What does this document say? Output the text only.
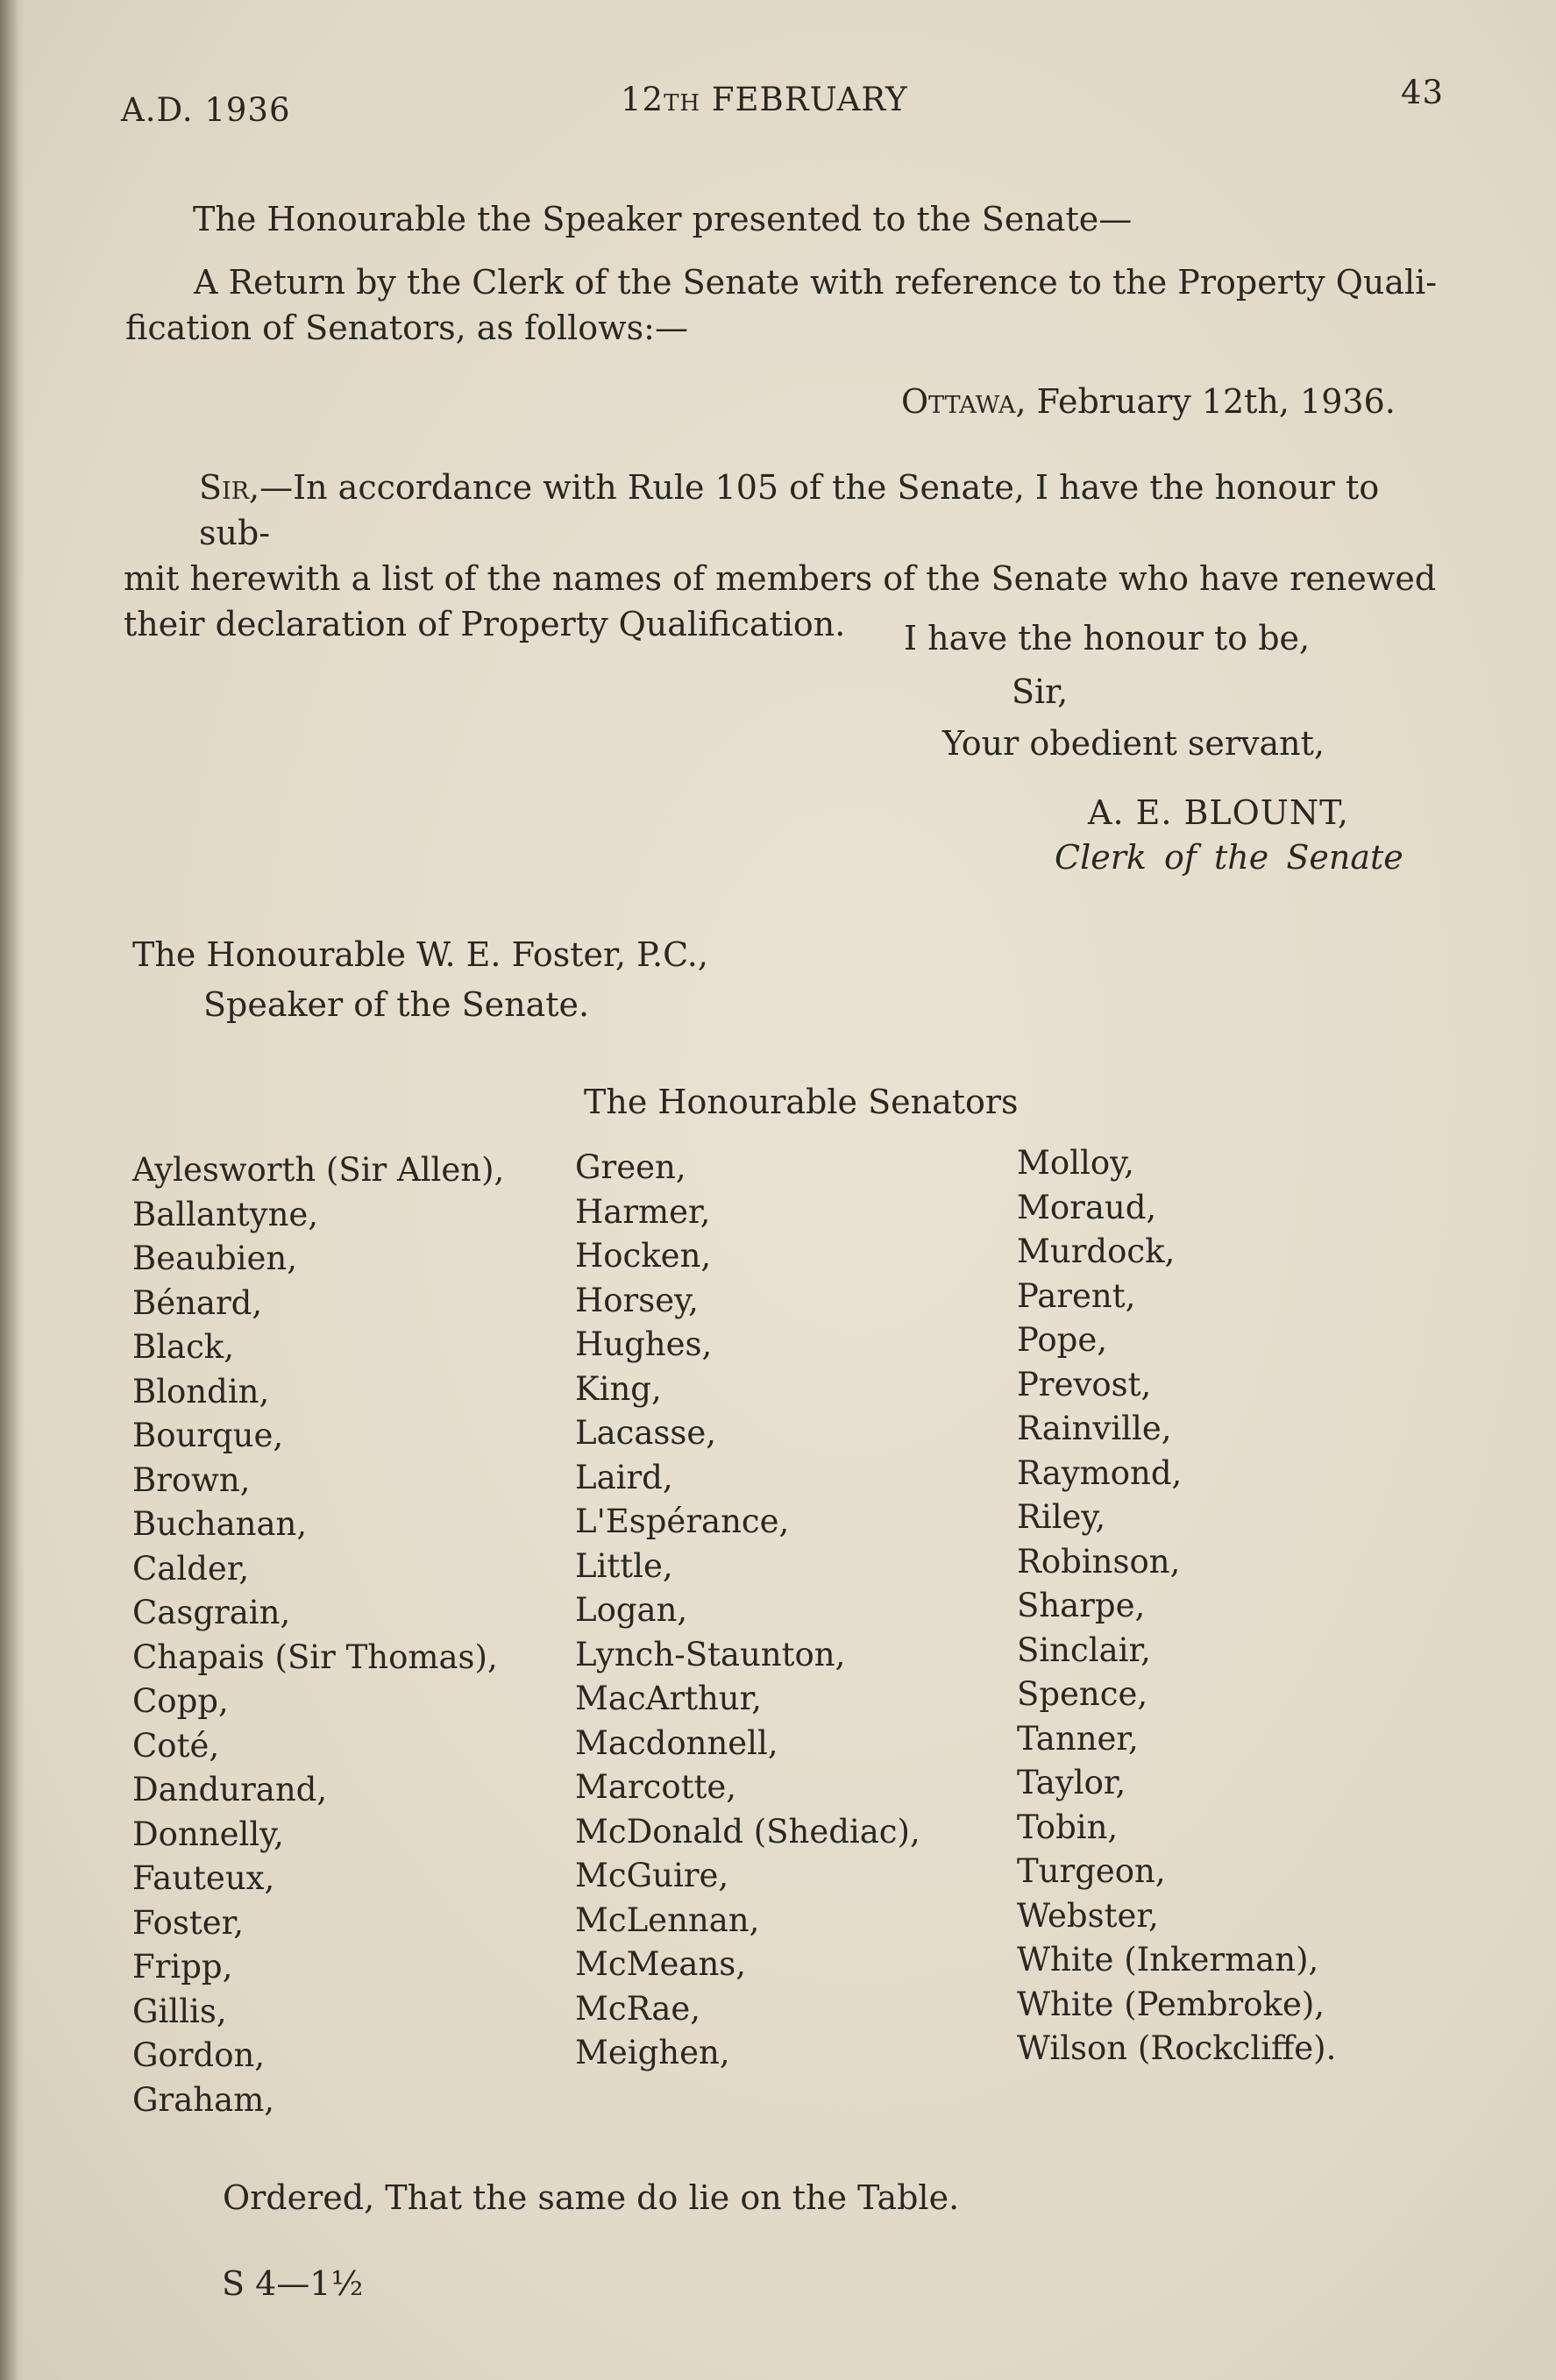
A.D. 1936	12TH FEBRUARY	43
The Honourable the Speaker presented to the Senate—
A Return by the Clerk of the Senate with reference to the Property Quali-
fication of Senators, as follows:—
Ottawa, February 12th, 1936.
Sir,—In accordance with Rule 105 of the Senate, I have the honour to sub-
mit herewith a list of the names of members of the Senate who have renewed
their declaration of Property Qualification.	I have the honour to be,
Sir,
Your obedient servant,
A. E. BLOUNT,
Clerk of the Senate
The Honourable W. E. Foster, P.C.,
Speaker of the Senate.
The Honourable Senators
Aylesworth (Sir Allen),
Ballantyne,
Beaubien,
Bénard,
Black,
Blondin,
Bourque,
Brown,
Buchanan,
Calder,
Casgrain,
Chapais (Sir Thomas),
Copp,
Coté,
Dandurand,
Donnelly,
Fauteux,
Foster,
Fripp,
Gillis,
Gordon,
Graham,
Green,
Harmer,
Hocken,
Horsey,
Hughes,
King,
Lacasse,
Laird,
L'Espérance,
Little,
Logan,
Lynch-Staunton,
MacArthur,
Macdonnell,
Marcotte,
McDonald (Shediac),
McGuire,
McLennan,
McMeans,
McRae,
Meighen,
Molloy,
Moraud,
Murdock,
Parent,
Pope,
Prevost,
Rainville,
Raymond,
Riley,
Robinson,
Sharpe,
Sinclair,
Spence,
Tanner,
Taylor,
Tobin,
Turgeon,
Webster,
White (Inkerman),
White (Pembroke),
Wilson (Rockcliffe).
Ordered, That the same do lie on the Table.
S 4—1½
